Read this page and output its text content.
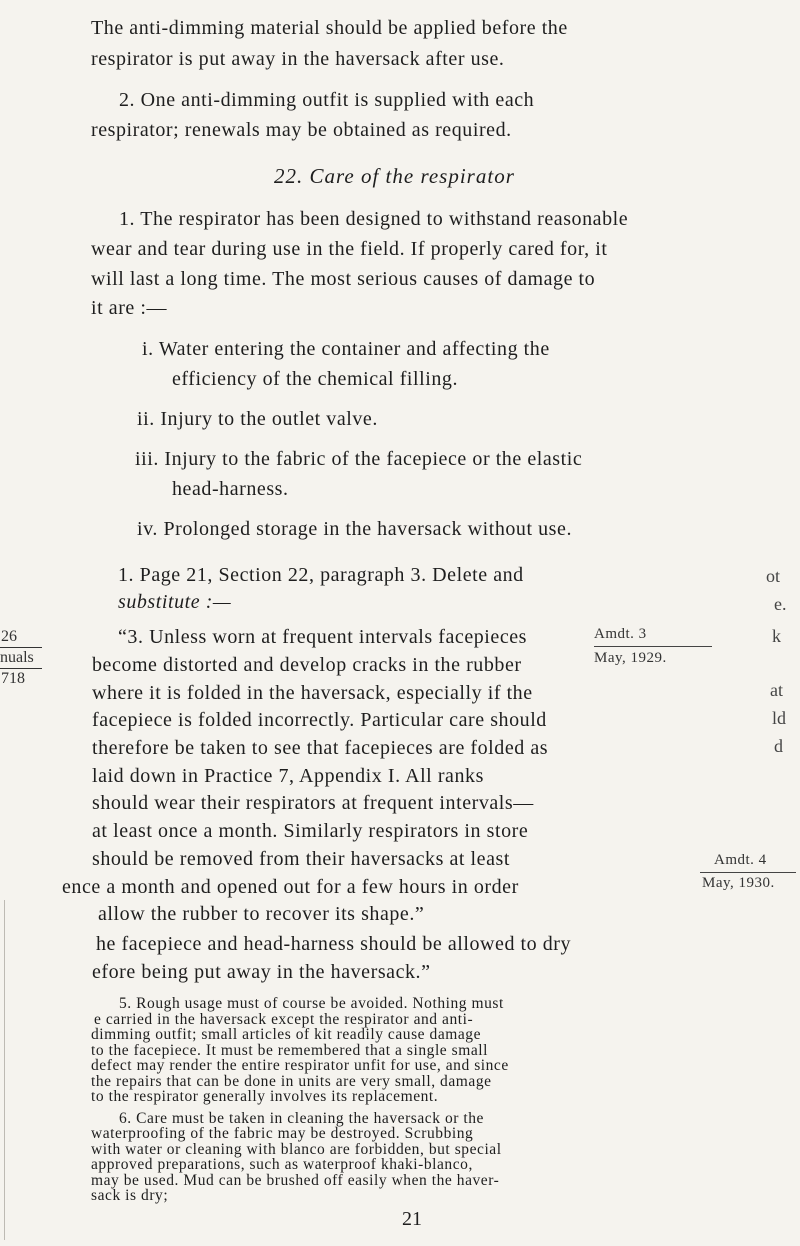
The anti-dimming material should be applied before the
respirator is put away in the haversack after use.
2. One anti-dimming outfit is supplied with each
respirator; renewals may be obtained as required.
22. Care of the respirator
1. The respirator has been designed to withstand reasonable
wear and tear during use in the field. If properly cared for, it
will last a long time. The most serious causes of damage to
it are :—
i. Water entering the container and affecting the
efficiency of the chemical filling.
ii. Injury to the outlet valve.
iii. Injury to the fabric of the facepiece or the elastic
head-harness.
iv. Prolonged storage in the haversack without use.
1. Page 21, Section 22, paragraph 3. Delete and
substitute :—
“3. Unless worn at frequent intervals facepieces
become distorted and develop cracks in the rubber
where it is folded in the haversack, especially if the
facepiece is folded incorrectly. Particular care should
therefore be taken to see that facepieces are folded as
laid down in Practice 7, Appendix I. All ranks
should wear their respirators at frequent intervals—
at least once a month. Similarly respirators in store
should be removed from their haversacks at least
ence a month and opened out for a few hours in order
allow the rubber to recover its shape.”
he facepiece and head-harness should be allowed to dry
efore being put away in the haversack.”
5. Rough usage must of course be avoided. Nothing must
e carried in the haversack except the respirator and anti-
dimming outfit; small articles of kit readily cause damage
to the facepiece. It must be remembered that a single small
defect may render the entire respirator unfit for use, and since
the repairs that can be done in units are very small, damage
to the respirator generally involves its replacement.
26
nuals
718
Amdt. 3
May, 1929.
Amdt. 4
May, 1930.
ot
e.
k
at
ld
d
6. Care must be taken in cleaning the haversack or the
waterproofing of the fabric may be destroyed. Scrubbing
with water or cleaning with blanco are forbidden, but special
approved preparations, such as waterproof khaki-blanco,
may be used. Mud can be brushed off easily when the haver-
sack is dry;
21
